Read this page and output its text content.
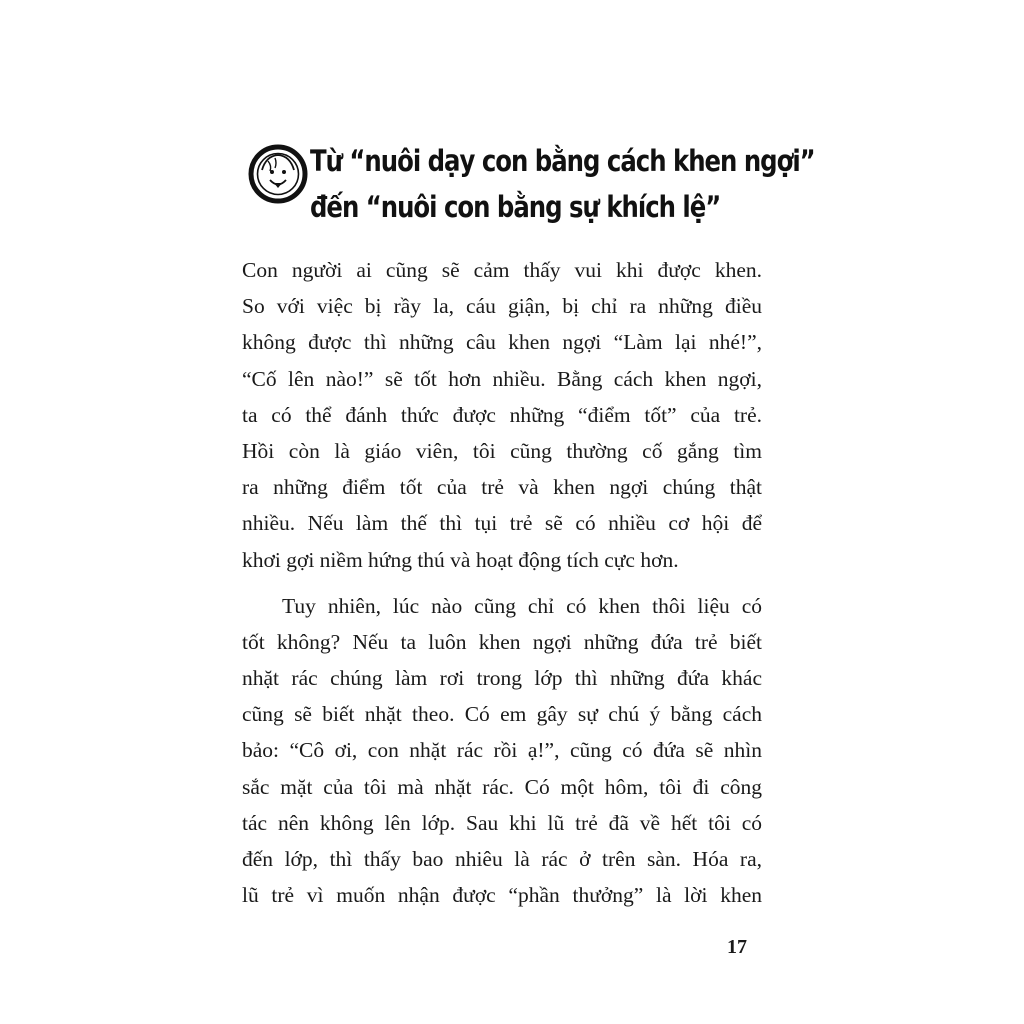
Từ “nuôi dạy con bằng cách khen ngợi”
đến “nuôi con bằng sự khích lệ”
Con người ai cũng sẽ cảm thấy vui khi được khen.
So với việc bị rầy la, cáu giận, bị chỉ ra những điều
không được thì những câu khen ngợi “Làm lại nhé!”,
“Cố lên nào!” sẽ tốt hơn nhiều. Bằng cách khen ngợi,
ta có thể đánh thức được những “điểm tốt” của trẻ.
Hồi còn là giáo viên, tôi cũng thường cố gắng tìm
ra những điểm tốt của trẻ và khen ngợi chúng thật
nhiều. Nếu làm thế thì tụi trẻ sẽ có nhiều cơ hội để
khơi gợi niềm hứng thú và hoạt động tích cực hơn.
Tuy nhiên, lúc nào cũng chỉ có khen thôi liệu có
tốt không? Nếu ta luôn khen ngợi những đứa trẻ biết
nhặt rác chúng làm rơi trong lớp thì những đứa khác
cũng sẽ biết nhặt theo. Có em gây sự chú ý bằng cách
bảo: “Cô ơi, con nhặt rác rồi ạ!”, cũng có đứa sẽ nhìn
sắc mặt của tôi mà nhặt rác. Có một hôm, tôi đi công
tác nên không lên lớp. Sau khi lũ trẻ đã về hết tôi có
đến lớp, thì thấy bao nhiêu là rác ở trên sàn. Hóa ra,
lũ trẻ vì muốn nhận được “phần thưởng” là lời khen
17
